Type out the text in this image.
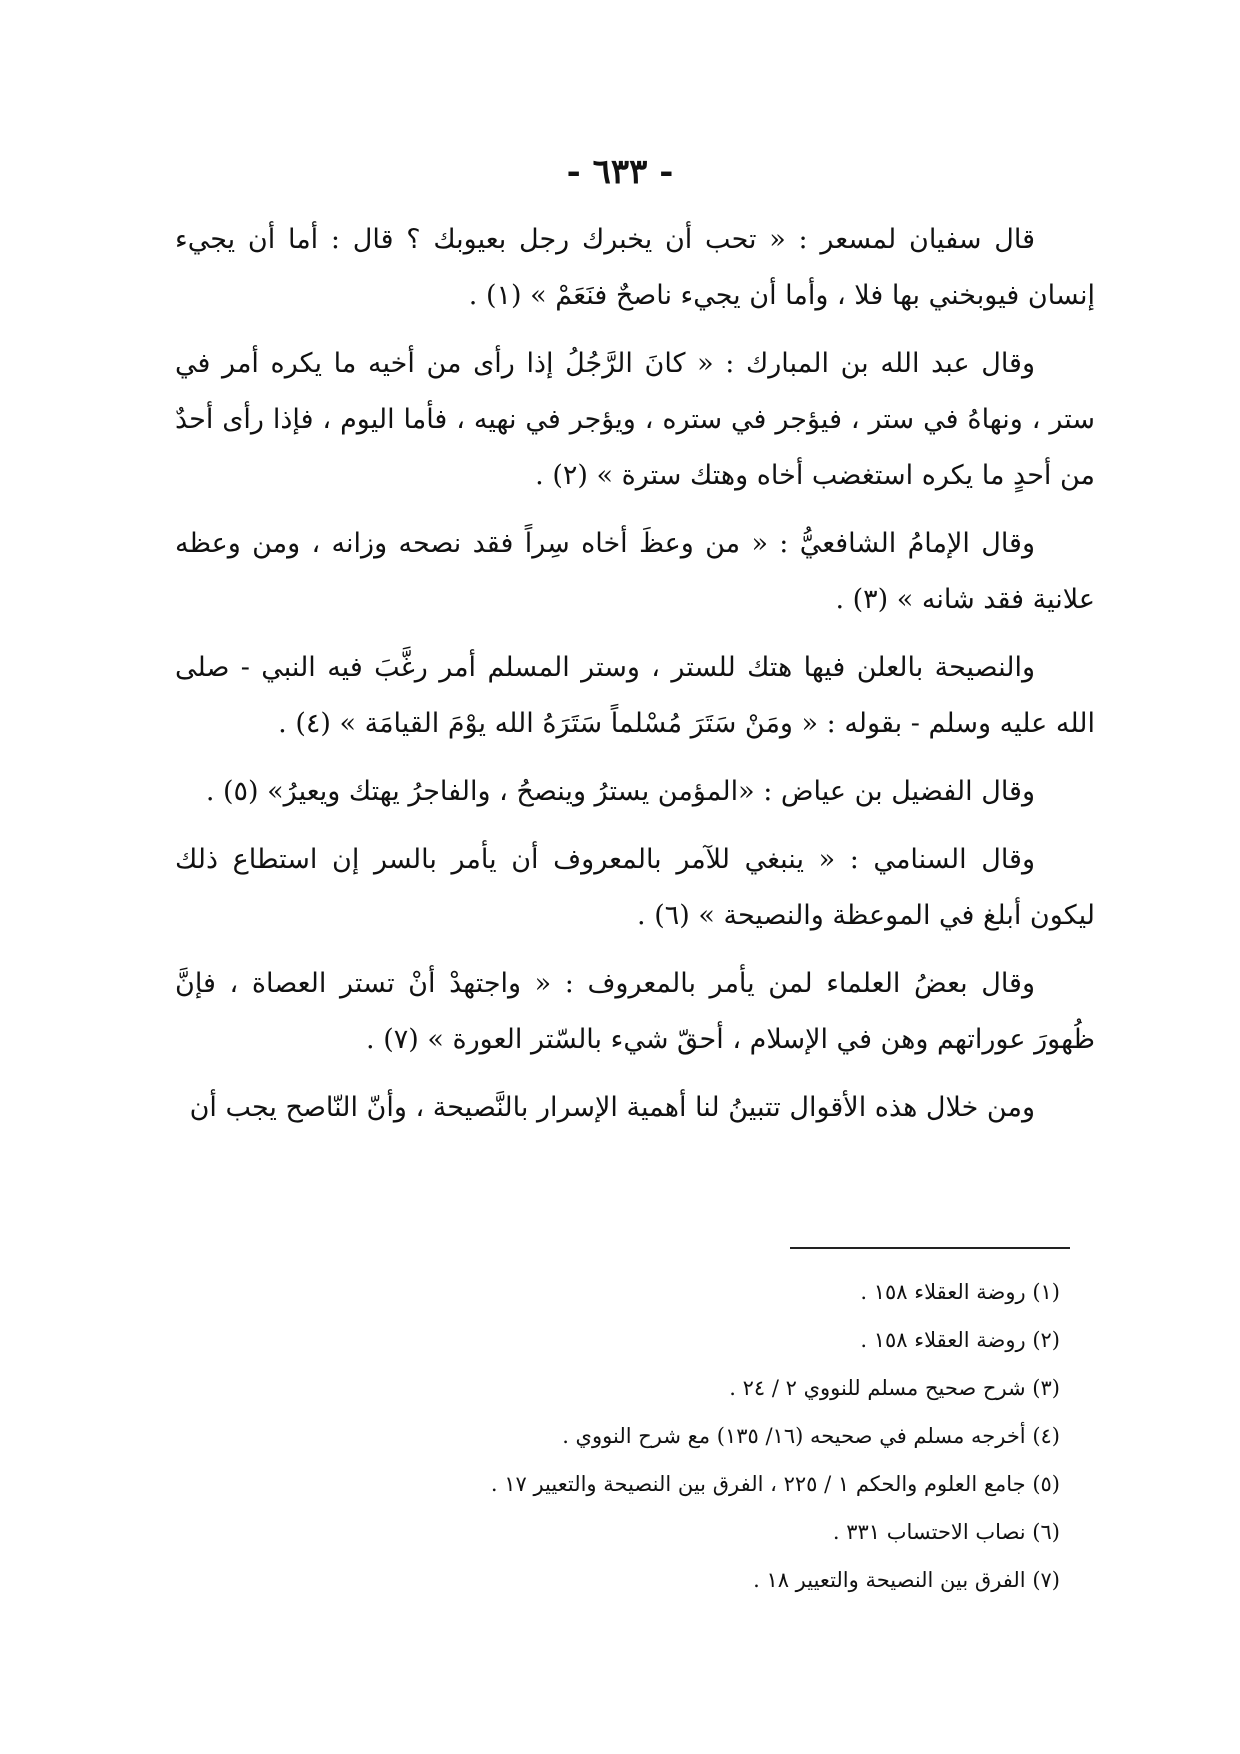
- ٦٣٣ -

قال سفيان لمسعر : « تحب أن يخبرك رجل بعيوبك ؟ قال : أما أن يجيء إنسان فيوبخني بها فلا ، وأما أن يجيء ناصحٌ فنَعَمْ » (١) .

وقال عبد الله بن المبارك : « كانَ الرَّجُلُ إذا رأى من أخيه ما يكره أمر في ستر ، ونهاهُ في ستر ، فيؤجر في ستره ، ويؤجر في نهيه ، فأما اليوم ، فإذا رأى أحدٌ من أحدٍ ما يكره استغضب أخاه وهتك سترة » (٢) .

وقال الإمامُ الشافعيُّ : « من وعظَ أخاه سِراً فقد نصحه وزانه ، ومن وعظه علانية فقد شانه » (٣) .

والنصيحة بالعلن فيها هتك للستر ، وستر المسلم أمر رغَّبَ فيه النبي - صلى الله عليه وسلم - بقوله : « ومَنْ سَتَرَ مُسْلماً سَتَرَهُ الله يوْمَ القيامَة » (٤) .

وقال الفضيل بن عياض : «المؤمن يسترُ وينصحُ ، والفاجرُ يهتك ويعيرُ» (٥) .

وقال السنامي : « ينبغي للآمر بالمعروف أن يأمر بالسر إن استطاع ذلك ليكون أبلغ في الموعظة والنصيحة » (٦) .

وقال بعضُ العلماء لمن يأمر بالمعروف : « واجتهدْ أنْ تستر العصاة ، فإنَّ ظُهورَ عوراتهم وهن في الإسلام ، أحقّ شيء بالسّتر العورة » (٧) .

ومن خلال هذه الأقوال تتبينُ لنا أهمية الإسرار بالنَّصيحة ، وأنّ النّاصح يجب أن

(١) روضة العقلاء ١٥٨ .

(٢) روضة العقلاء ١٥٨ .

(٣) شرح صحيح مسلم للنووي ٢ / ٢٤ .

(٤) أخرجه مسلم في صحيحه (١٦/ ١٣٥) مع شرح النووي .

(٥) جامع العلوم والحكم ١ / ٢٢٥ ، الفرق بين النصيحة والتعيير ١٧ .

(٦) نصاب الاحتساب ٣٣١ .

(٧) الفرق بين النصيحة والتعيير ١٨ .
